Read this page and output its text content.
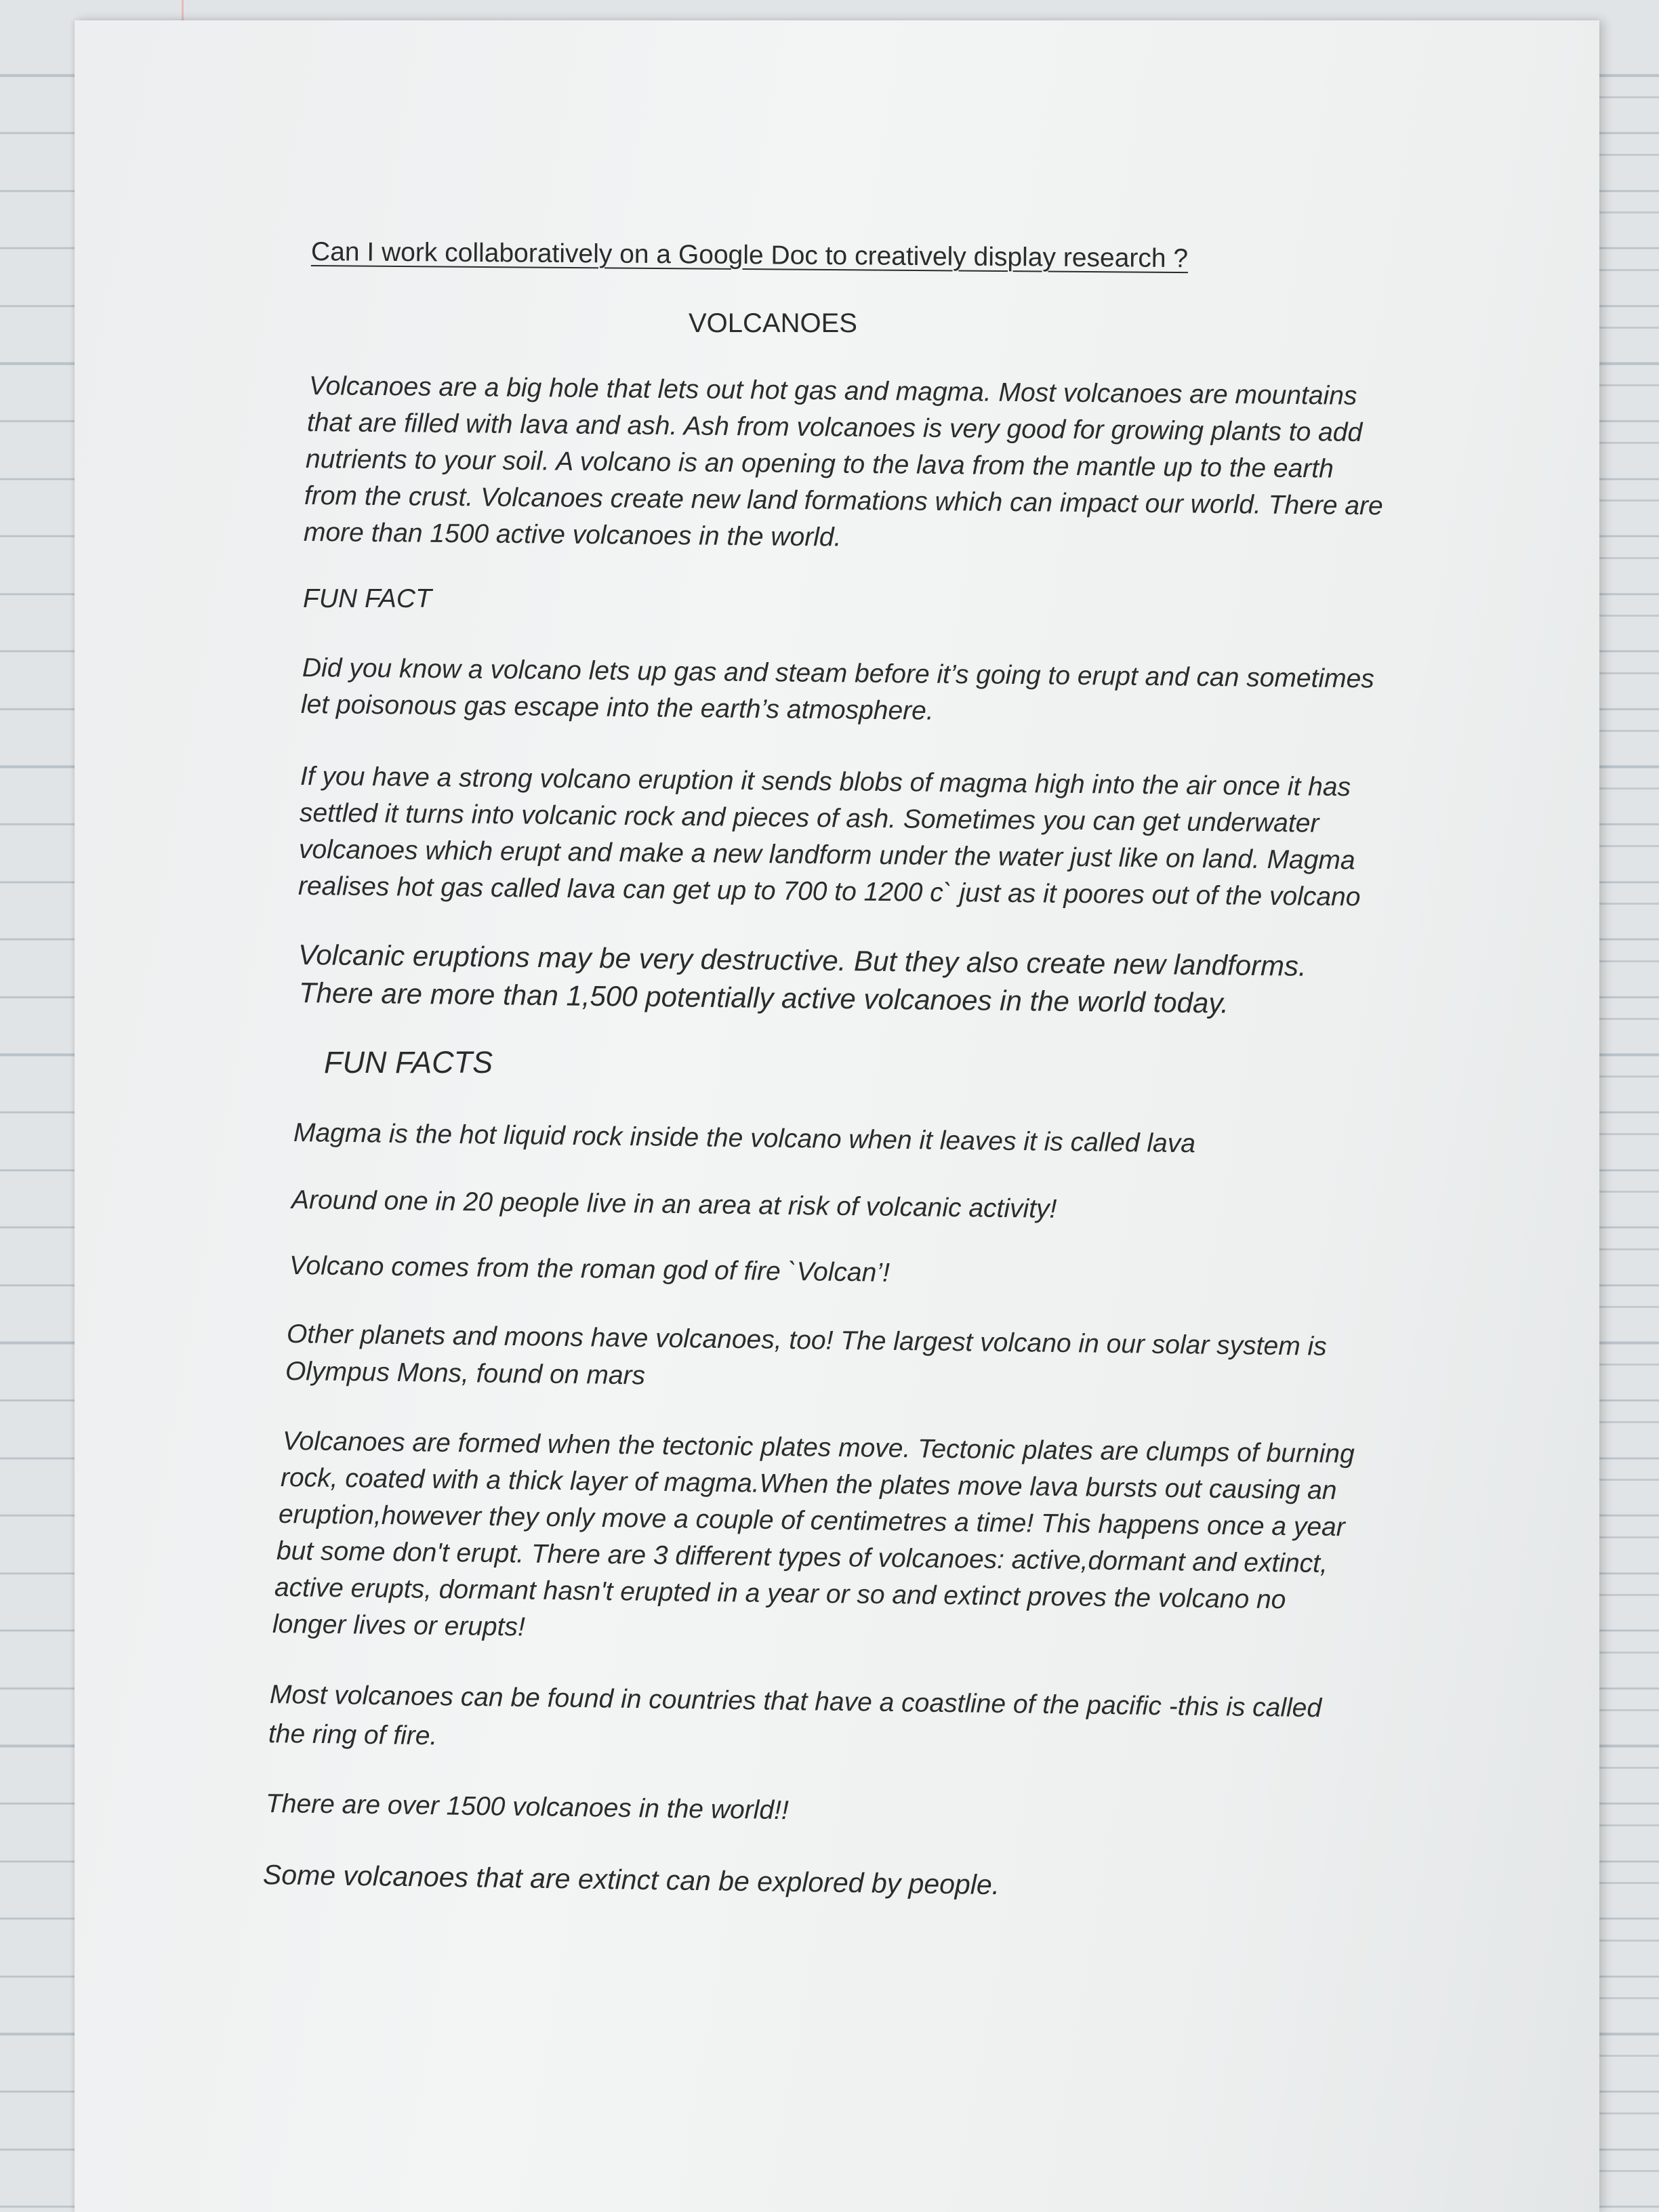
Can I work collaboratively on a Google Doc to creatively display research ?
VOLCANOES
Volcanoes are a big hole that lets out hot gas and magma. Most volcanoes are mountains
that are filled with lava and ash. Ash from volcanoes is very good for growing plants to add
nutrients to your soil. A volcano is an opening to the lava from the mantle up to the earth
from the crust. Volcanoes create new land formations which can impact our world. There are
more than 1500 active volcanoes in the world.
FUN FACT
Did you know a volcano lets up gas and steam before it’s going to erupt and can sometimes
let poisonous gas escape into the earth’s atmosphere.
If you have a strong volcano eruption it sends blobs of magma high into the air once it has
settled it turns into volcanic rock and pieces of ash. Sometimes you can get underwater
volcanoes which erupt and make a new landform under the water just like on land. Magma
realises hot gas called lava can get up to 700 to 1200 c` just as it poores out of the volcano
Volcanic eruptions may be very destructive. But they also create new landforms.
There are more than 1,500 potentially active volcanoes in the world today.
FUN FACTS
Magma is the hot liquid rock inside the volcano when it leaves it is called lava
Around one in 20 people live in an area at risk of volcanic activity!
Volcano comes from the roman god of fire `Volcan’!
Other planets and moons have volcanoes, too! The largest volcano in our solar system is
Olympus Mons, found on mars
Volcanoes are formed when the tectonic plates move. Tectonic plates are clumps of burning
rock, coated with a thick layer of magma.When the plates move lava bursts out causing an
eruption,however they only move a couple of centimetres a time! This happens once a year
but some don't erupt. There are 3 different types of volcanoes: active,dormant and extinct,
active erupts, dormant hasn't erupted in a year or so and extinct proves the volcano no
longer lives or erupts!
Most volcanoes can be found in countries that have a coastline of the pacific -this is called
the ring of fire.
There are over 1500 volcanoes in the world!!
Some volcanoes that are extinct can be explored by people.
